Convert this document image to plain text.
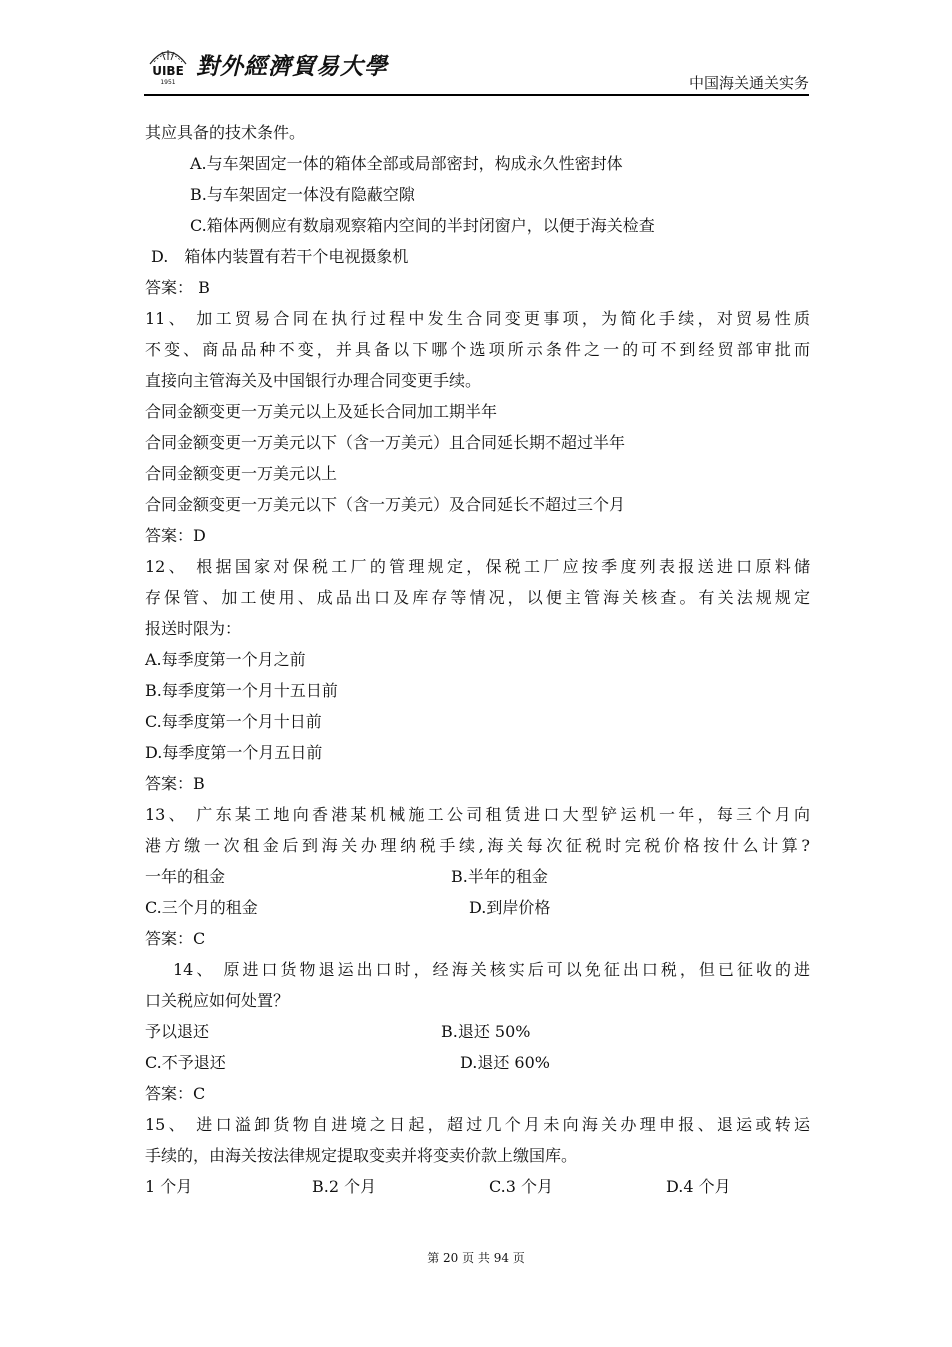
UIBE
1951
對外經濟貿易大學
中国海关通关实务
其应具备的技术条件。
A.与车架固定一体的箱体全部或局部密封，构成永久性密封体
B.与车架固定一体没有隐蔽空隙
C.箱体两侧应有数扇观察箱内空间的半封闭窗户，以便于海关检查
D.　箱体内装置有若干个电视摄象机
答案： B
11、 加工贸易合同在执行过程中发生合同变更事项，为简化手续，对贸易性质
不变、商品品种不变，并具备以下哪个选项所示条件之一的可不到经贸部审批而
直接向主管海关及中国银行办理合同变更手续。
合同金额变更一万美元以上及延长合同加工期半年
合同金额变更一万美元以下（含一万美元）且合同延长期不超过半年
合同金额变更一万美元以上
合同金额变更一万美元以下（含一万美元）及合同延长不超过三个月
答案：D
12、 根据国家对保税工厂的管理规定，保税工厂应按季度列表报送进口原料储
存保管、加工使用、成品出口及库存等情况，以便主管海关核查。有关法规规定
报送时限为：
A.每季度第一个月之前
B.每季度第一个月十五日前
C.每季度第一个月十日前
D.每季度第一个月五日前
答案：B
13、 广东某工地向香港某机械施工公司租赁进口大型铲运机一年，每三个月向
港方缴一次租金后到海关办理纳税手续,海关每次征税时完税价格按什么计算?
一年的租金	B.半年的租金
C.三个月的租金	D.到岸价格
答案：C
14、 原进口货物退运出口时，经海关核实后可以免征出口税，但已征收的进
口关税应如何处置？
予以退还	B.退还 50%
C.不予退还	D.退还 60%
答案：C
15、 进口溢卸货物自进境之日起，超过几个月未向海关办理申报、退运或转运
手续的，由海关按法律规定提取变卖并将变卖价款上缴国库。
1 个月	B.2 个月	C.3 个月	D.4 个月
第 20 页 共 94 页
